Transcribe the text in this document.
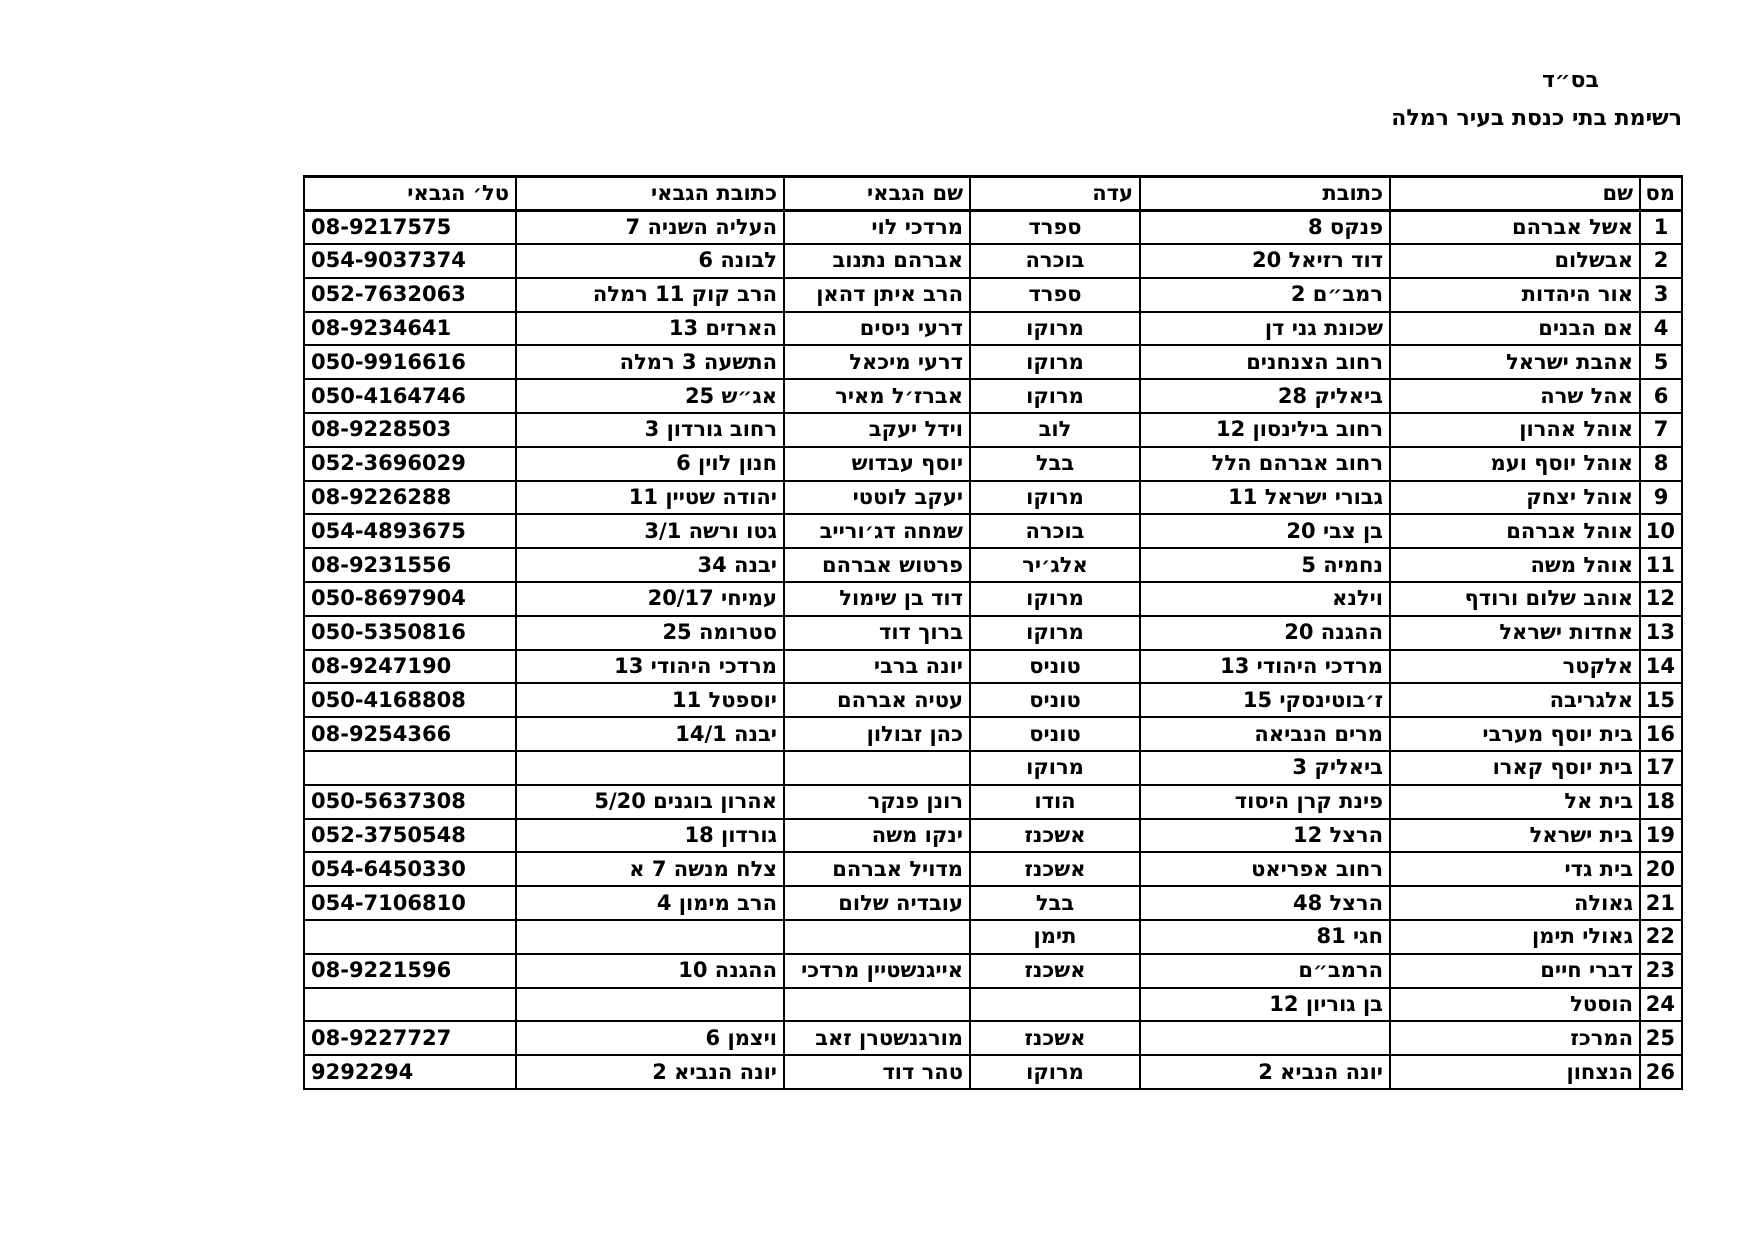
בס״ד
רשימת בתי כנסת בעיר רמלה
מס	שם	כתובת	עדה	שם הגבאי	כתובת הגבאי	טל׳ הגבאי
1	אשל אברהם	פנקס 8	ספרד	מרדכי לוי	העליה השניה 7	08-9217575
2	אבשלום	דוד רזיאל 20	בוכרה	אברהם נתנוב	לבונה 6	054-9037374
3	אור היהדות	רמב״ם 2	ספרד	הרב איתן דהאן	הרב קוק 11 רמלה	052-7632063
4	אם הבנים	שכונת גני דן	מרוקו	דרעי ניסים	הארזים 13	08-9234641
5	אהבת ישראל	רחוב הצנחנים	מרוקו	דרעי מיכאל	התשעה 3 רמלה	050-9916616
6	אהל שרה	ביאליק 28	מרוקו	אברז׳ל מאיר	אג״ש 25	050-4164746
7	אוהל אהרון	רחוב בילינסון 12	לוב	וידל יעקב	רחוב גורדון 3	08-9228503
8	אוהל יוסף ועמ	רחוב אברהם הלל	בבל	יוסף עבדוש	חנון לוין 6	052-3696029
9	אוהל יצחק	גבורי ישראל 11	מרוקו	יעקב לוטטי	יהודה שטיין 11	08-9226288
10	אוהל אברהם	בן צבי 20	בוכרה	שמחה דג׳ורייב	גטו ורשה 3/1	054-4893675
11	אוהל משה	נחמיה 5	אלג׳יר	פרטוש אברהם	יבנה 34	08-9231556
12	אוהב שלום ורודף	וילנא	מרוקו	דוד בן שימול	עמיחי 20/17	050-8697904
13	אחדות ישראל	ההגנה 20	מרוקו	ברוך דוד	סטרומה 25	050-5350816
14	אלקטר	מרדכי היהודי 13	טוניס	יונה ברבי	מרדכי היהודי 13	08-9247190
15	אלגריבה	ז׳בוטינסקי 15	טוניס	עטיה אברהם	יוספטל 11	050-4168808
16	בית יוסף מערבי	מרים הנביאה	טוניס	כהן זבולון	יבנה 14/1	08-9254366
17	בית יוסף קארו	ביאליק 3	מרוקו			
18	בית אל	פינת קרן היסוד	הודו	רונן פנקר	אהרון בוגנים 5/20	050-5637308
19	בית ישראל	הרצל 12	אשכנז	ינקו משה	גורדון 18	052-3750548
20	בית גדי	רחוב אפריאט	אשכנז	מדויל אברהם	צלח מנשה 7 א	054-6450330
21	גאולה	הרצל 48	בבל	עובדיה שלום	הרב מימון 4	054-7106810
22	גאולי תימן	חגי 81	תימן			
23	דברי חיים	הרמב״ם	אשכנז	אייגנשטיין מרדכי	ההגנה 10	08-9221596
24	הוסטל	בן גוריון 12				
25	המרכז		אשכנז	מורגנשטרן זאב	ויצמן 6	08-9227727
26	הנצחון	יונה הנביא 2	מרוקו	טהר דוד	יונה הנביא 2	9292294
